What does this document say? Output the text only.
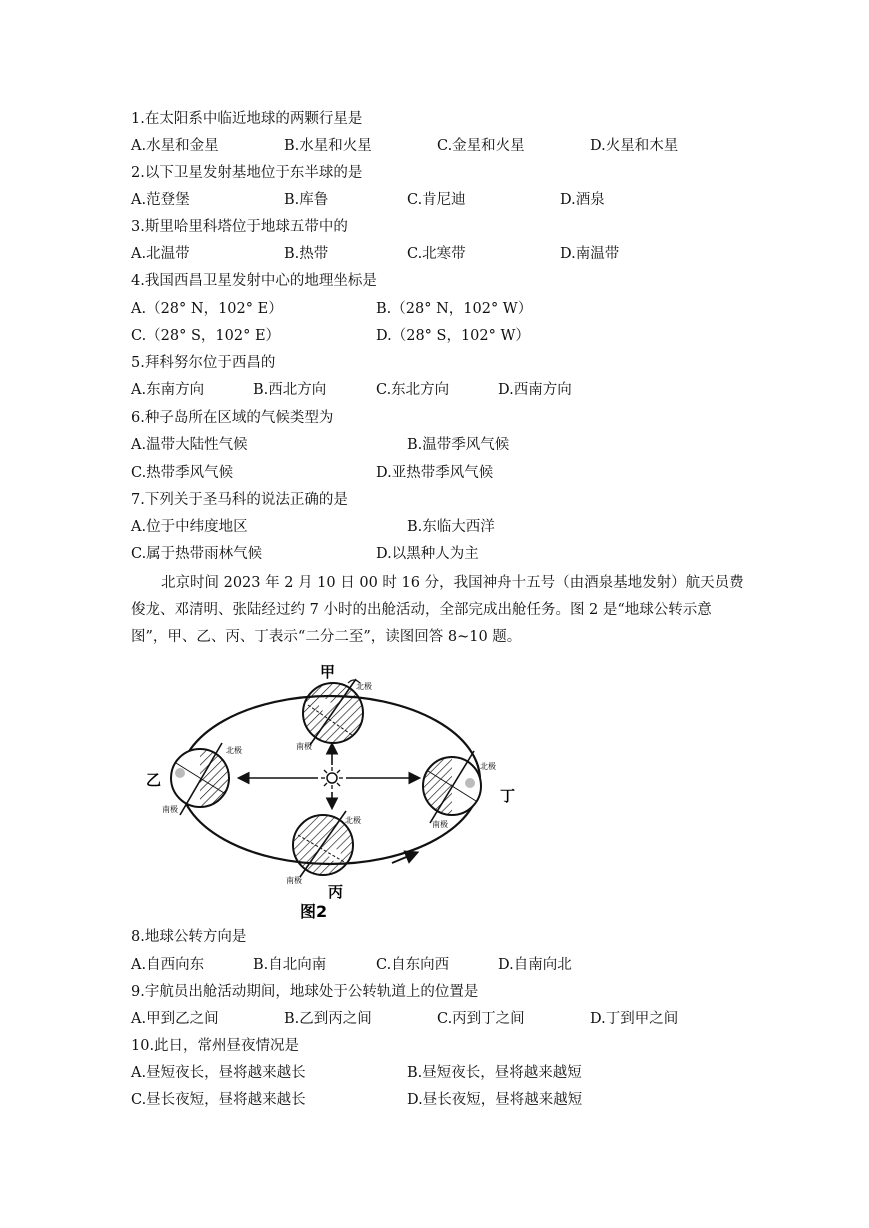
1.在太阳系中临近地球的两颗行星是
A.水星和金星	B.水星和火星	C.金星和火星	D.火星和木星
2.以下卫星发射基地位于东半球的是
A.范登堡	B.库鲁	C.肯尼迪	D.酒泉
3.斯里哈里科塔位于地球五带中的
A.北温带	B.热带	C.北寒带	D.南温带
4.我国西昌卫星发射中心的地理坐标是
A.（28° N，102° E）	B.（28° N，102° W）
C.（28° S，102° E）	D.（28° S，102° W）
5.拜科努尔位于西昌的
A.东南方向	B.西北方向	C.东北方向	D.西南方向
6.种子岛所在区域的气候类型为
A.温带大陆性气候	B.温带季风气候
C.热带季风气候	D.亚热带季风气候
7.下列关于圣马科的说法正确的是
A.位于中纬度地区	B.东临大西洋
C.属于热带雨林气候	D.以黑种人为主
北京时间 2023 年 2 月 10 日 00 时 16 分，我国神舟十五号（由酒泉基地发射）航天员费
俊龙、邓清明、张陆经过约 7 小时的出舱活动，全部完成出舱任务。图 2 是“地球公转示意
图”，甲、乙、丙、丁表示“二分二至”，读图回答 8~10 题。
甲
北极
南极
乙
北极
南极
丁
北极
南极
丙
北极
南极
图2
8.地球公转方向是
A.自西向东	B.自北向南	C.自东向西	D.自南向北
9.宇航员出舱活动期间，地球处于公转轨道上的位置是
A.甲到乙之间	B.乙到丙之间	C.丙到丁之间	D.丁到甲之间
10.此日，常州昼夜情况是
A.昼短夜长，昼将越来越长	B.昼短夜长，昼将越来越短
C.昼长夜短，昼将越来越长	D.昼长夜短，昼将越来越短
